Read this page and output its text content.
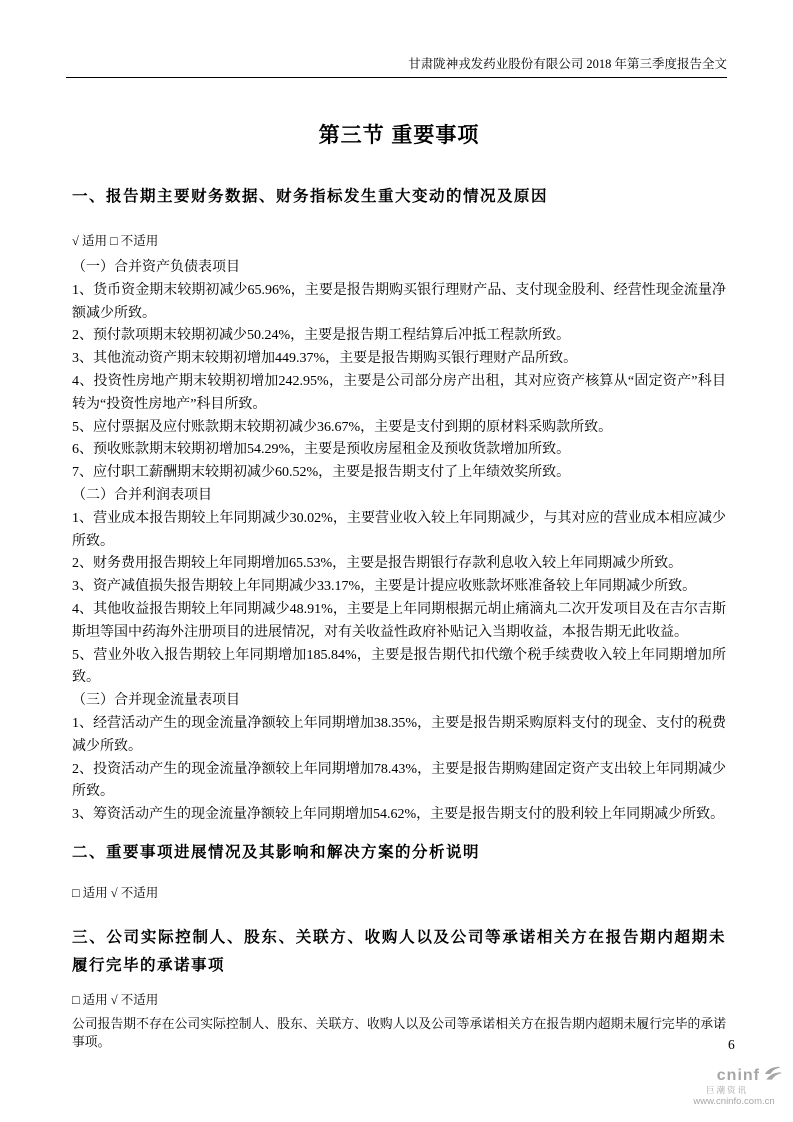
甘肃陇神戎发药业股份有限公司 2018 年第三季度报告全文
第三节 重要事项
一、报告期主要财务数据、财务指标发生重大变动的情况及原因

√ 适用 □ 不适用

（一）合并资产负债表项目

1、货币资金期末较期初减少65.96%，主要是报告期购买银行理财产品、支付现金股利、经营性现金流量净额减少所致。

2、预付款项期末较期初减少50.24%，主要是报告期工程结算后冲抵工程款所致。

3、其他流动资产期末较期初增加449.37%，主要是报告期购买银行理财产品所致。

4、投资性房地产期末较期初增加242.95%，主要是公司部分房产出租，其对应资产核算从“固定资产”科目转为“投资性房地产”科目所致。

5、应付票据及应付账款期末较期初减少36.67%，主要是支付到期的原材料采购款所致。

6、预收账款期末较期初增加54.29%，主要是预收房屋租金及预收货款增加所致。

7、应付职工薪酬期末较期初减少60.52%，主要是报告期支付了上年绩效奖所致。

（二）合并利润表项目

1、营业成本报告期较上年同期减少30.02%，主要营业收入较上年同期减少，与其对应的营业成本相应减少所致。

2、财务费用报告期较上年同期增加65.53%，主要是报告期银行存款利息收入较上年同期减少所致。

3、资产减值损失报告期较上年同期减少33.17%，主要是计提应收账款坏账准备较上年同期减少所致。

4、其他收益报告期较上年同期减少48.91%，主要是上年同期根据元胡止痛滴丸二次开发项目及在吉尔吉斯斯坦等国中药海外注册项目的进展情况，对有关收益性政府补贴记入当期收益，本报告期无此收益。

5、营业外收入报告期较上年同期增加185.84%，主要是报告期代扣代缴个税手续费收入较上年同期增加所致。

（三）合并现金流量表项目

1、经营活动产生的现金流量净额较上年同期增加38.35%，主要是报告期采购原料支付的现金、支付的税费减少所致。

2、投资活动产生的现金流量净额较上年同期增加78.43%，主要是报告期购建固定资产支出较上年同期减少所致。

3、筹资活动产生的现金流量净额较上年同期增加54.62%，主要是报告期支付的股利较上年同期减少所致。

二、重要事项进展情况及其影响和解决方案的分析说明

□ 适用 √ 不适用

三、公司实际控制人、股东、关联方、收购人以及公司等承诺相关方在报告期内超期未履行完毕的承诺事项

□ 适用 √ 不适用

公司报告期不存在公司实际控制人、股东、关联方、收购人以及公司等承诺相关方在报告期内超期未履行完毕的承诺事项。	6
cninf
巨潮资讯
www.cninfo.com.cn
